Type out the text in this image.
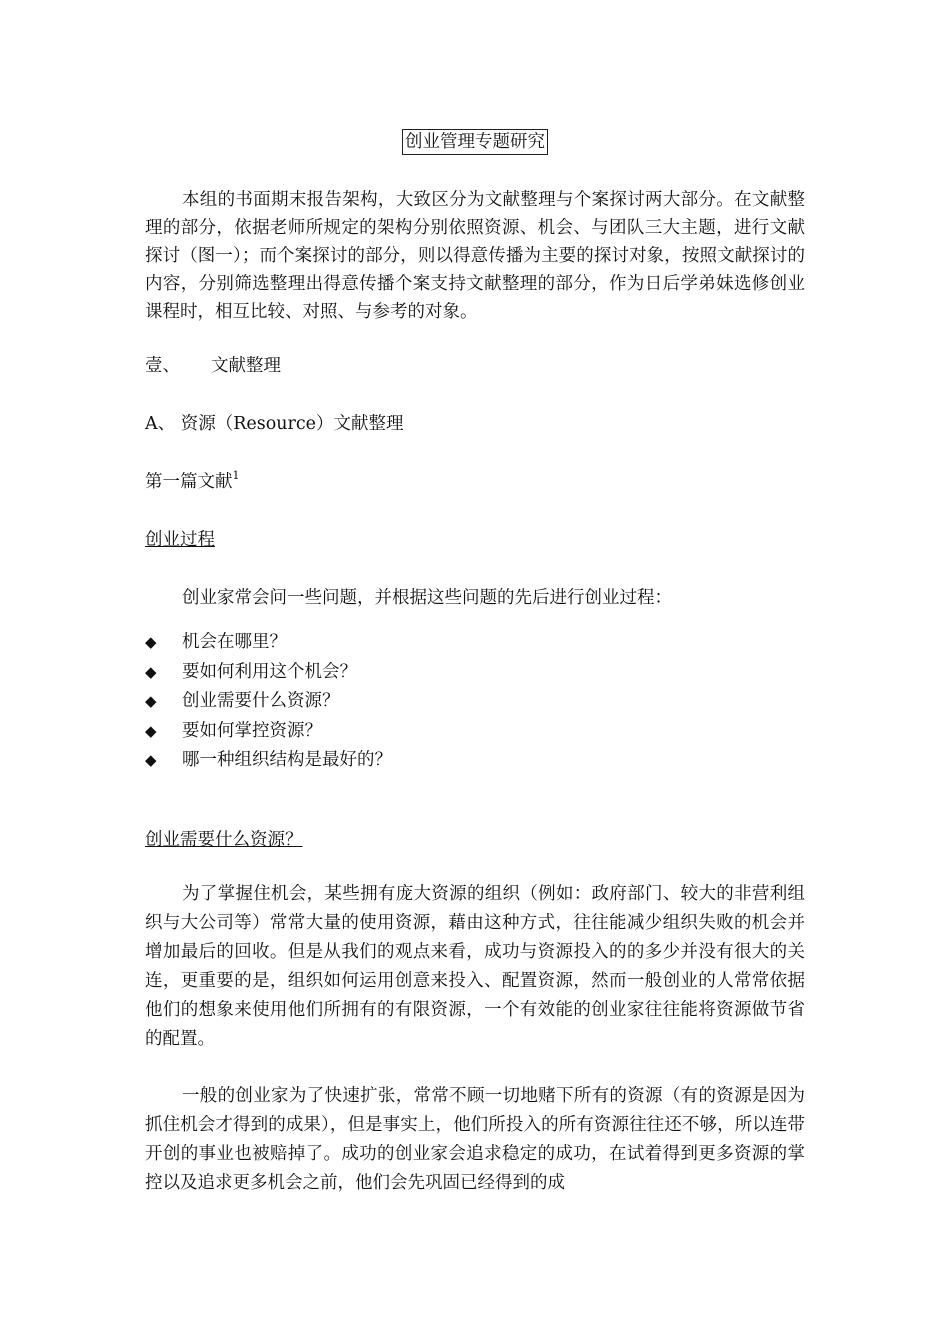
创业管理专题研究

本组的书面期末报告架构，大致区分为文献整理与个案探讨两大部分。在文献整理的部分，依据老师所规定的架构分别依照资源、机会、与团队三大主题，进行文献探讨（图一）；而个案探讨的部分，则以得意传播为主要的探讨对象，按照文献探讨的内容，分别筛选整理出得意传播个案支持文献整理的部分，作为日后学弟妹选修创业课程时，相互比较、对照、与参考的对象。

壹、 文献整理
A、 资源（Resource）文献整理
第一篇文献$^1$
创业过程
创业家常会问一些问题，并根据这些问题的先后进行创业过程：
◆ 机会在哪里？
◆ 要如何利用这个机会？
◆ 创业需要什么资源？
◆ 要如何掌控资源？
◆ 哪一种组织结构是最好的？
创业需要什么资源？

为了掌握住机会，某些拥有庞大资源的组织（例如：政府部门、较大的非营利组织与大公司等）常常大量的使用资源，藉由这种方式，往往能减少组织失败的机会并增加最后的回收。但是从我们的观点来看，成功与资源投入的的多少并没有很大的关连，更重要的是，组织如何运用创意来投入、配置资源，然而一般创业的人常常依据他们的想象来使用他们所拥有的有限资源，一个有效能的创业家往往能将资源做节省的配置。

一般的创业家为了快速扩张，常常不顾一切地赌下所有的资源（有的资源是因为抓住机会才得到的成果），但是事实上，他们所投入的所有资源往往还不够，所以连带开创的事业也被赔掉了。成功的创业家会追求稳定的成功，在试着得到更多资源的掌控以及追求更多机会之前，他们会先巩固已经得到的成
